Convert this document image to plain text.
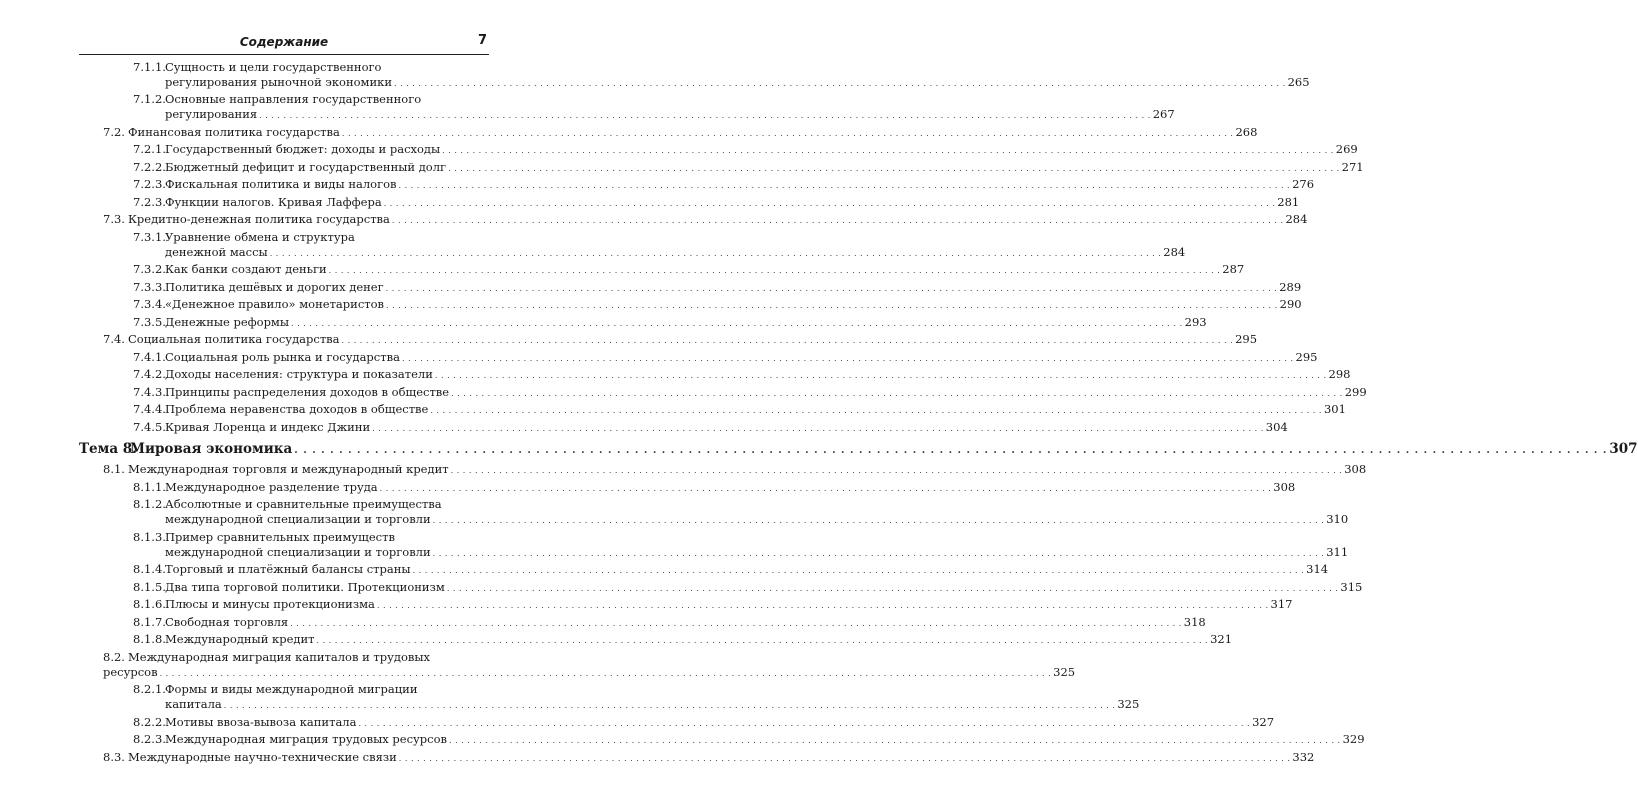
Содержание	7
7.1.1. Сущность и цели государственного
регулирования рыночной экономики . . .	265
7.1.2. Основные направления государственного
регулирования . . .	267
7.2. Финансовая политика государства . . .	268
7.2.1. Государственный бюджет: доходы и расходы . . .	269
7.2.2. Бюджетный дефицит и государственный долг . . .	271
7.2.3. Фискальная политика и виды налогов . . .	276
7.2.3. Функции налогов. Кривая Лаффера . . .	281
7.3. Кредитно-денежная политика государства . . .	284
7.3.1. Уравнение обмена и структура
денежной массы . . .	284
7.3.2. Как банки создают деньги . . .	287
7.3.3. Политика дешёвых и дорогих денег . . .	289
7.3.4. «Денежное правило» монетаристов . . .	290
7.3.5. Денежные реформы . . .	293
7.4. Социальная политика государства . . .	295
7.4.1. Социальная роль рынка и государства . . .	295
7.4.2. Доходы населения: структура и показатели . . .	298
7.4.3. Принципы распределения доходов в обществе . . .	299
7.4.4. Проблема неравенства доходов в обществе . . .	301
7.4.5. Кривая Лоренца и индекс Джини . . .	304
Тема 8.
Мировая экономика . . .	307
8.1. Международная торговля и международный кредит . . .	308
8.1.1. Международное разделение труда . . .	308
8.1.2. Абсолютные и сравнительные преимущества
международной специализации и торговли . . .	310
8.1.3. Пример сравнительных преимуществ
международной специализации и торговли . . .	311
8.1.4. Торговый и платёжный балансы страны . . .	314
8.1.5. Два типа торговой политики. Протекционизм . . .	315
8.1.6. Плюсы и минусы протекционизма . . .	317
8.1.7. Свободная торговля . . .	318
8.1.8. Международный кредит . . .	321
8.2. Международная миграция капиталов и трудовых
ресурсов . . .	325
8.2.1. Формы и виды международной миграции
капитала . . .	325
8.2.2. Мотивы ввоза-вывоза капитала . . .	327
8.2.3. Международная миграция трудовых ресурсов . . .	329
8.3. Международные научно-технические связи . . .	332
